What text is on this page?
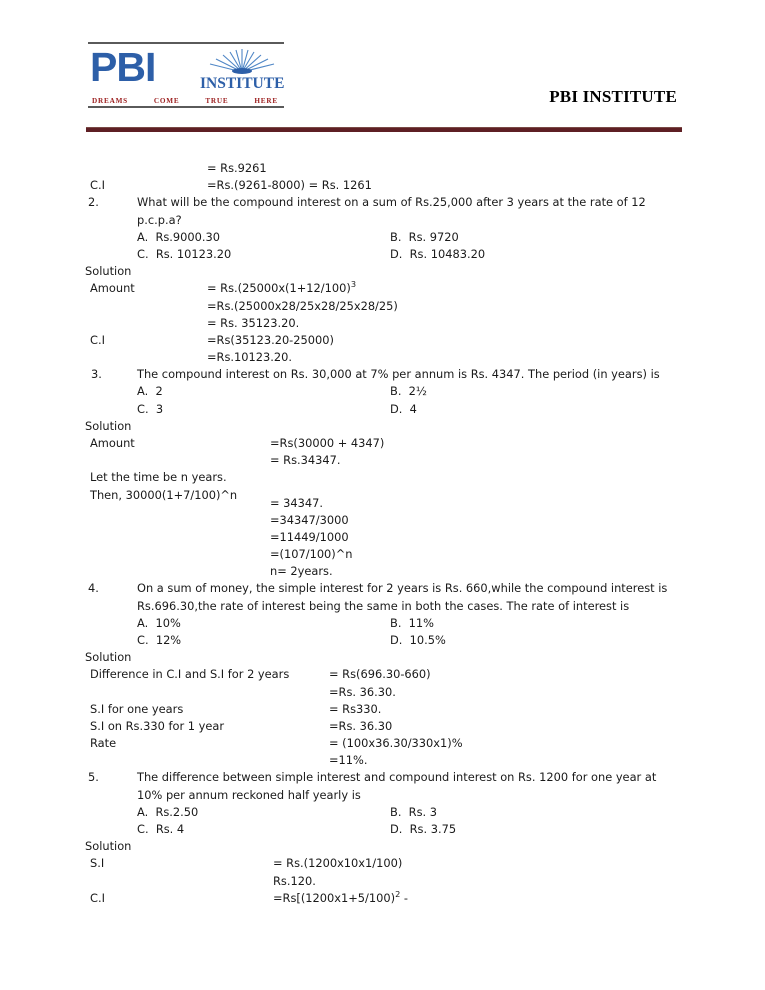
PBI	INSTITUTE
DREAMS	COME	TRUE	HERE	PBI INSTITUTE
= Rs.9261
C.I	=Rs.(9261-8000) = Rs. 1261
2.	What will be the compound interest on a sum of Rs.25,000 after 3 years at the rate of 12 p.c.p.a?
A.  Rs.9000.30	B.  Rs. 9720
C.  Rs. 10123.20	D.  Rs. 10483.20
Solution
Amount	= $Rs.(25000x(1+12/100)^3$
=Rs.(25000x28/25x28/25x28/25)
= Rs. 35123.20.
C.I	=Rs(35123.20-25000)
=Rs.10123.20.
3.	The compound interest on Rs. 30,000 at 7% per annum is Rs. 4347. The period (in years) is
A.  2	B.  2½
C.  3	D.  4
Solution
Amount	=Rs(30000 + 4347)
= Rs.34347.
Let the time be n years.
Then, 30000(1+7/100)^n
= 34347.
=34347/3000
=11449/1000
=(107/100)^n
n= 2years.
4.	On a sum of money, the simple interest for 2 years is Rs. 660,while the compound interest is Rs.696.30,the rate of interest being the same in both the cases. The rate of interest is
A.  10%	B.  11%
C.  12%	D.  10.5%
Solution
Difference in C.I and S.I for 2 years	= Rs(696.30-660)
=Rs. 36.30.
S.I for one years	= Rs330.
S.I on Rs.330 for 1 year	=Rs. 36.30
Rate	= (100x36.30/330x1)%
=11%.
5.	The difference between simple interest and compound interest on Rs. 1200 for one year at 10% per annum reckoned half yearly is
A.  Rs.2.50	B.  Rs. 3
C.  Rs. 4	D.  Rs. 3.75
Solution
S.I	= Rs.(1200x10x1/100)
Rs.120.
C.I	$=Rs[(1200x1+5/100)^2$ -
